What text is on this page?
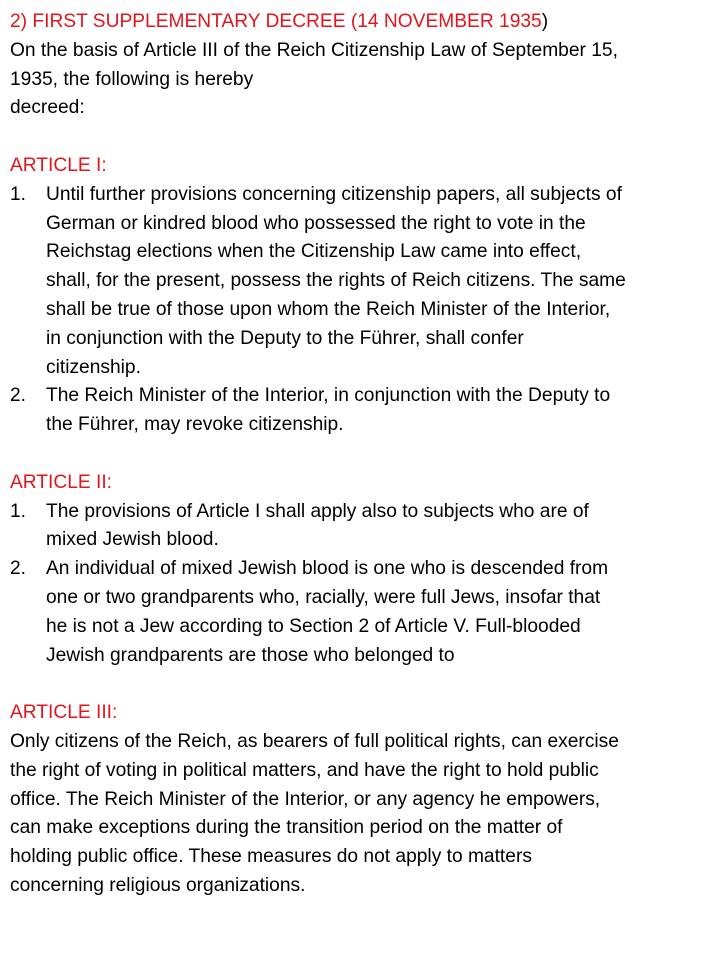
2) FIRST SUPPLEMENTARY DECREE (14 NOVEMBER 1935)
On the basis of Article III of the Reich Citizenship Law of September 15,
1935, the following is hereby
decreed:
ARTICLE I:
1. Until further provisions concerning citizenship papers, all subjects of
German or kindred blood who possessed the right to vote in the
Reichstag elections when the Citizenship Law came into effect,
shall, for the present, possess the rights of Reich citizens. The same
shall be true of those upon whom the Reich Minister of the Interior,
in conjunction with the Deputy to the Führer, shall confer
citizenship.
2. The Reich Minister of the Interior, in conjunction with the Deputy to
the Führer, may revoke citizenship.
ARTICLE II:
1. The provisions of Article I shall apply also to subjects who are of
mixed Jewish blood.
2. An individual of mixed Jewish blood is one who is descended from
one or two grandparents who, racially, were full Jews, insofar that
he is not a Jew according to Section 2 of Article V. Full-blooded
Jewish grandparents are those who belonged to
ARTICLE III:
Only citizens of the Reich, as bearers of full political rights, can exercise
the right of voting in political matters, and have the right to hold public
office. The Reich Minister of the Interior, or any agency he empowers,
can make exceptions during the transition period on the matter of
holding public office. These measures do not apply to matters
concerning religious organizations.
